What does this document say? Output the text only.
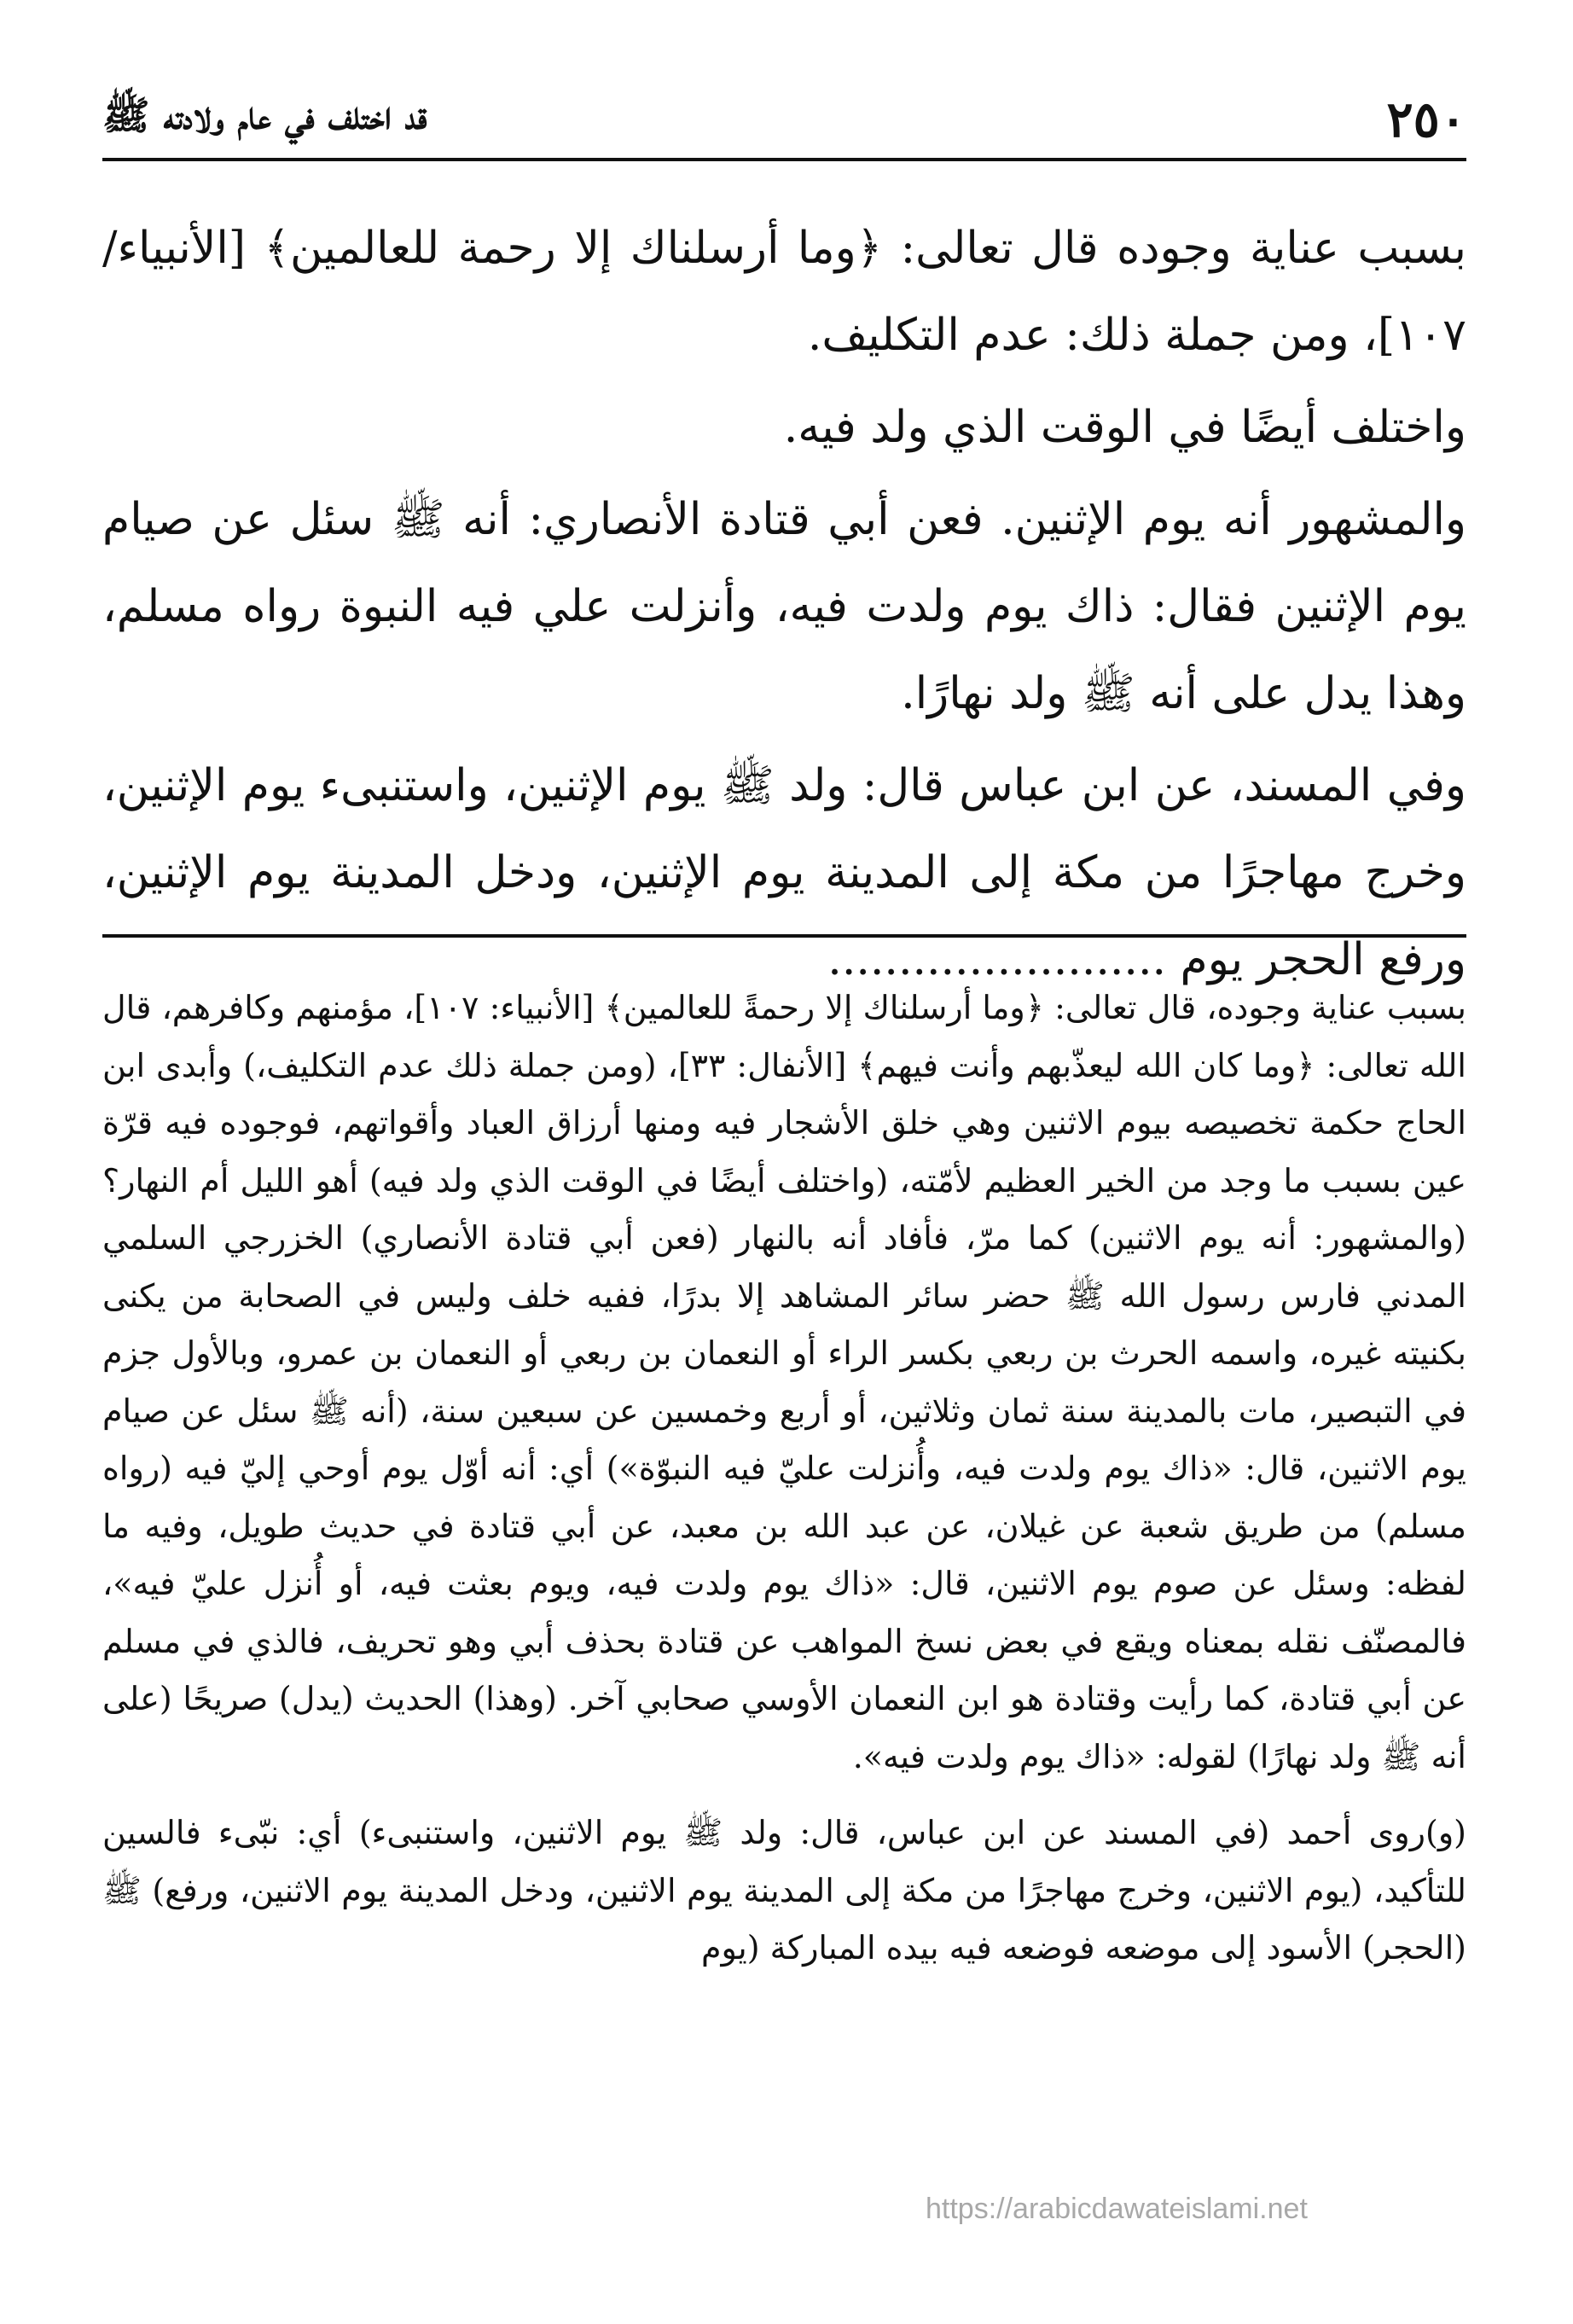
٢٥٠
قد اختلف في عام ولادته ﷺ

بسبب عناية وجوده قال تعالى: ﴿وما أرسلناك إلا رحمة للعالمين﴾ [الأنبياء/ ١٠٧]، ومن جملة ذلك: عدم التكليف.

واختلف أيضًا في الوقت الذي ولد فيه.

والمشهور أنه يوم الإثنين. فعن أبي قتادة الأنصاري: أنه ﷺ سئل عن صيام يوم الإثنين فقال: ذاك يوم ولدت فيه، وأنزلت علي فيه النبوة رواه مسلم، وهذا يدل على أنه ﷺ ولد نهارًا.

وفي المسند، عن ابن عباس قال: ولد ﷺ يوم الإثنين، واستنبىء يوم الإثنين، وخرج مهاجرًا من مكة إلى المدينة يوم الإثنين، ودخل المدينة يوم الإثنين، ورفع الحجر يوم ........................

بسبب عناية وجوده، قال تعالى: ﴿وما أرسلناك إلا رحمةً للعالمين﴾ [الأنبياء: ١٠٧]، مؤمنهم وكافرهم، قال الله تعالى: ﴿وما كان الله ليعذّبهم وأنت فيهم﴾ [الأنفال: ٣٣]، (ومن جملة ذلك عدم التكليف،) وأبدى ابن الحاج حكمة تخصيصه بيوم الاثنين وهي خلق الأشجار فيه ومنها أرزاق العباد وأقواتهم، فوجوده فيه قرّة عين بسبب ما وجد من الخير العظيم لأمّته، (واختلف أيضًا في الوقت الذي ولد فيه) أهو الليل أم النهار؟ (والمشهور: أنه يوم الاثنين) كما مرّ، فأفاد أنه بالنهار (فعن أبي قتادة الأنصاري) الخزرجي السلمي المدني فارس رسول الله ﷺ حضر سائر المشاهد إلا بدرًا، ففيه خلف وليس في الصحابة من يكنى بكنيته غيره، واسمه الحرث بن ربعي بكسر الراء أو النعمان بن ربعي أو النعمان بن عمرو، وبالأول جزم في التبصير، مات بالمدينة سنة ثمان وثلاثين، أو أربع وخمسين عن سبعين سنة، (أنه ﷺ سئل عن صيام يوم الاثنين، قال: «ذاك يوم ولدت فيه، وأُنزلت عليّ فيه النبوّة») أي: أنه أوّل يوم أوحي إليّ فيه (رواه مسلم) من طريق شعبة عن غيلان، عن عبد الله بن معبد، عن أبي قتادة في حديث طويل، وفيه ما لفظه: وسئل عن صوم يوم الاثنين، قال: «ذاك يوم ولدت فيه، ويوم بعثت فيه، أو أُنزل عليّ فيه»، فالمصنّف نقله بمعناه ويقع في بعض نسخ المواهب عن قتادة بحذف أبي وهو تحريف، فالذي في مسلم عن أبي قتادة، كما رأيت وقتادة هو ابن النعمان الأوسي صحابي آخر. (وهذا) الحديث (يدل) صريحًا (على أنه ﷺ ولد نهارًا) لقوله: «ذاك يوم ولدت فيه».

(و)روى أحمد (في المسند عن ابن عباس، قال: ولد ﷺ يوم الاثنين، واستنبىء) أي: نبّىء فالسين للتأكيد، (يوم الاثنين، وخرج مهاجرًا من مكة إلى المدينة يوم الاثنين، ودخل المدينة يوم الاثنين، ورفع) ﷺ (الحجر) الأسود إلى موضعه فوضعه فيه بيده المباركة (يوم

https://arabicdawateislami.net
